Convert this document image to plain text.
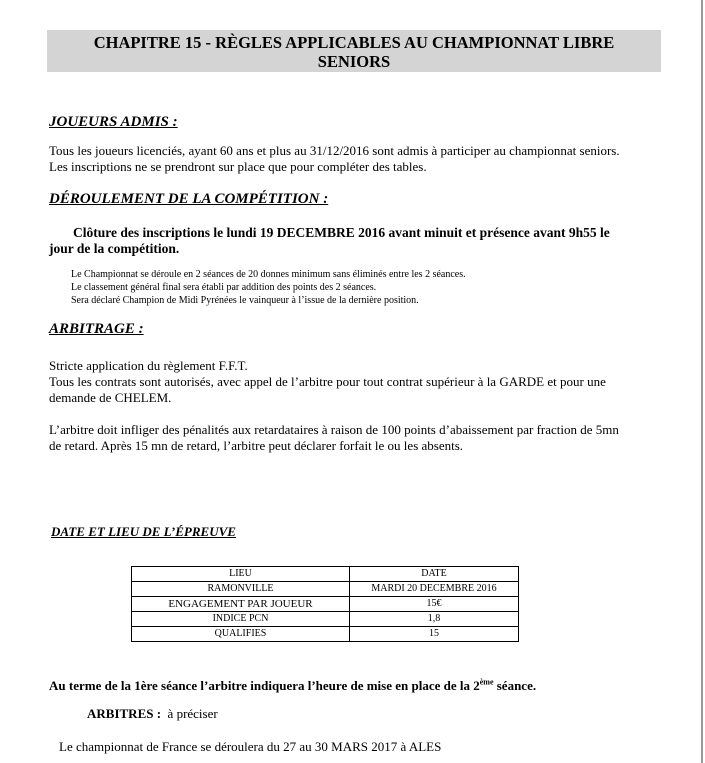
CHAPITRE 15 - RÈGLES APPLICABLES AU CHAMPIONNAT LIBRE
SENIORS
JOUEURS ADMIS :
Tous les joueurs licenciés, ayant 60 ans et plus au 31/12/2016 sont admis à participer au championnat seniors.
Les inscriptions ne se prendront sur place que pour compléter des tables.
DÉROULEMENT DE LA COMPÉTITION :
Clôture des inscriptions le lundi 19 DECEMBRE 2016 avant minuit et présence avant 9h55 le
jour de la compétition.
Le Championnat se déroule en 2 séances de 20 donnes minimum sans éliminés entre les 2 séances.
Le classement général final sera établi par addition des points des 2 séances.
Sera déclaré Champion de Midi Pyrénées le vainqueur à l’issue de la dernière position.
ARBITRAGE :
Stricte application du règlement F.F.T.
Tous les contrats sont autorisés, avec appel de l’arbitre pour tout contrat supérieur à la GARDE et pour une
demande de CHELEM.
L’arbitre doit infliger des pénalités aux retardataires à raison de 100 points d’abaissement par fraction de 5mn
de retard. Après 15 mn de retard, l’arbitre peut déclarer forfait le ou les absents.
DATE ET LIEU DE L’ÉPREUVE
LIEU	DATE
RAMONVILLE	MARDI 20 DECEMBRE 2016
ENGAGEMENT PAR JOUEUR	15€
INDICE PCN	1,8
QUALIFIES	15
Au terme de la 1ère séance l’arbitre indiquera l’heure de mise en place de la 2ème séance.
ARBITRES : à préciser
Le championnat de France se déroulera du 27 au 30 MARS 2017 à ALES
